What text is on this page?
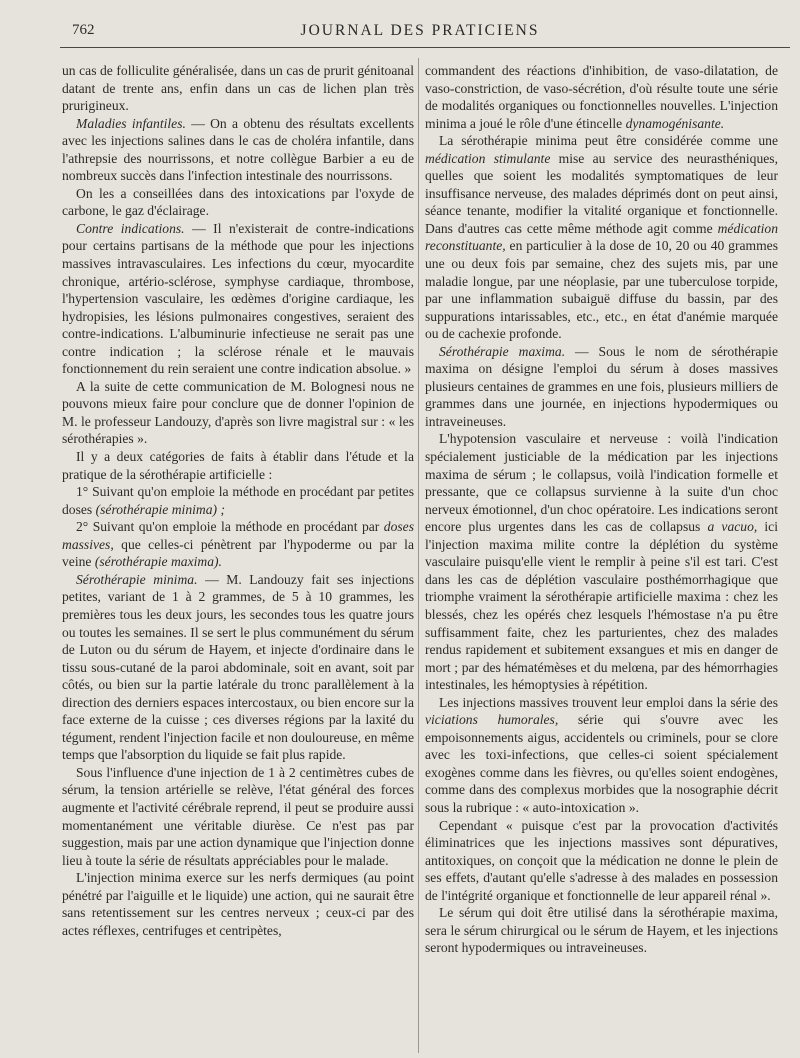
762	JOURNAL DES PRATICIENS

un cas de folliculite généralisée, dans un cas de prurit génitoanal datant de trente ans, enfin dans un cas de lichen plan très prurigineux.

Maladies infantiles. — On a obtenu des résultats excellents avec les injections salines dans le cas de choléra infantile, dans l'athrepsie des nourrissons, et notre collègue Barbier a eu de nombreux succès dans l'infection intestinale des nourrissons.

On les a conseillées dans des intoxications par l'oxyde de carbone, le gaz d'éclairage.

Contre indications. — Il n'existerait de contre-indications pour certains partisans de la méthode que pour les injections massives intravasculaires. Les infections du cœur, myocardite chronique, artério-sclérose, symphyse cardiaque, thrombose, l'hypertension vasculaire, les œdèmes d'origine cardiaque, les hydropisies, les lésions pulmonaires congestives, seraient des contre-indications. L'albuminurie infectieuse ne serait pas une contre indication ; la sclérose rénale et le mauvais fonctionnement du rein seraient une contre indication absolue. »

A la suite de cette communication de M. Bolognesi nous ne pouvons mieux faire pour conclure que de donner l'opinion de M. le professeur Landouzy, d'après son livre magistral sur : « les sérothérapies ».

Il y a deux catégories de faits à établir dans l'étude et la pratique de la sérothérapie artificielle :

1° Suivant qu'on emploie la méthode en procédant par petites doses (sérothérapie minima) ;

2° Suivant qu'on emploie la méthode en procédant par doses massives, que celles-ci pénètrent par l'hypoderme ou par la veine (sérothérapie maxima).

Sérothérapie minima. — M. Landouzy fait ses injections petites, variant de 1 à 2 grammes, de 5 à 10 grammes, les premières tous les deux jours, les secondes tous les quatre jours ou toutes les semaines. Il se sert le plus communément du sérum de Luton ou du sérum de Hayem, et injecte d'ordinaire dans le tissu sous-cutané de la paroi abdominale, soit en avant, soit par côtés, ou bien sur la partie latérale du tronc parallèlement à la direction des derniers espaces intercostaux, ou bien encore sur la face externe de la cuisse ; ces diverses régions par la laxité du tégument, rendent l'injection facile et non douloureuse, en même temps que l'absorption du liquide se fait plus rapide.

Sous l'influence d'une injection de 1 à 2 centimètres cubes de sérum, la tension artérielle se relève, l'état général des forces augmente et l'activité cérébrale reprend, il peut se produire aussi momentanément une véritable diurèse. Ce n'est pas par suggestion, mais par une action dynamique que l'injection donne lieu à toute la série de résultats appréciables pour le malade.

L'injection minima exerce sur les nerfs dermiques (au point pénétré par l'aiguille et le liquide) une action, qui ne saurait être sans retentissement sur les centres nerveux ; ceux-ci par des actes réflexes, centrifuges et centripètes,

commandent des réactions d'inhibition, de vaso-dilatation, de vaso-constriction, de vaso-sécrétion, d'où résulte toute une série de modalités organiques ou fonctionnelles nouvelles. L'injection minima a joué le rôle d'une étincelle dynamogénisante.

La sérothérapie minima peut être considérée comme une médication stimulante mise au service des neurasthéniques, quelles que soient les modalités symptomatiques de leur insuffisance nerveuse, des malades déprimés dont on peut ainsi, séance tenante, modifier la vitalité organique et fonctionnelle. Dans d'autres cas cette même méthode agit comme médication reconstituante, en particulier à la dose de 10, 20 ou 40 grammes une ou deux fois par semaine, chez des sujets mis, par une maladie longue, par une néoplasie, par une tuberculose torpide, par une inflammation subaiguë diffuse du bassin, par des suppurations intarissables, etc., etc., en état d'anémie marquée ou de cachexie profonde.

Sérothérapie maxima. — Sous le nom de sérothérapie maxima on désigne l'emploi du sérum à doses massives plusieurs centaines de grammes en une fois, plusieurs milliers de grammes dans une journée, en injections hypodermiques ou intraveineuses.

L'hypotension vasculaire et nerveuse : voilà l'indication spécialement justiciable de la médication par les injections maxima de sérum ; le collapsus, voilà l'indication formelle et pressante, que ce collapsus survienne à la suite d'un choc nerveux émotionnel, d'un choc opératoire. Les indications seront encore plus urgentes dans les cas de collapsus a vacuo, ici l'injection maxima milite contre la déplétion du système vasculaire puisqu'elle vient le remplir à peine s'il est tari. C'est dans les cas de déplétion vasculaire posthémorrhagique que triomphe vraiment la sérothérapie artificielle maxima : chez les blessés, chez les opérés chez lesquels l'hémostase n'a pu être suffisamment faite, chez les parturientes, chez des malades rendus rapidement et subitement exsangues et mis en danger de mort ; par des hématémèses et du melœna, par des hémorrhagies intestinales, les hémoptysies à répétition.

Les injections massives trouvent leur emploi dans la série des viciations humorales, série qui s'ouvre avec les empoisonnements aigus, accidentels ou criminels, pour se clore avec les toxi-infections, que celles-ci soient spécialement exogènes comme dans les fièvres, ou qu'elles soient endogènes, comme dans des complexus morbides que la nosographie décrit sous la rubrique : « auto-intoxication ».

Cependant « puisque c'est par la provocation d'activités éliminatrices que les injections massives sont dépuratives, antitoxiques, on conçoit que la médication ne donne le plein de ses effets, d'autant qu'elle s'adresse à des malades en possession de l'intégrité organique et fonctionnelle de leur appareil rénal ».

Le sérum qui doit être utilisé dans la sérothérapie maxima, sera le sérum chirurgical ou le sérum de Hayem, et les injections seront hypodermiques ou intraveineuses.
